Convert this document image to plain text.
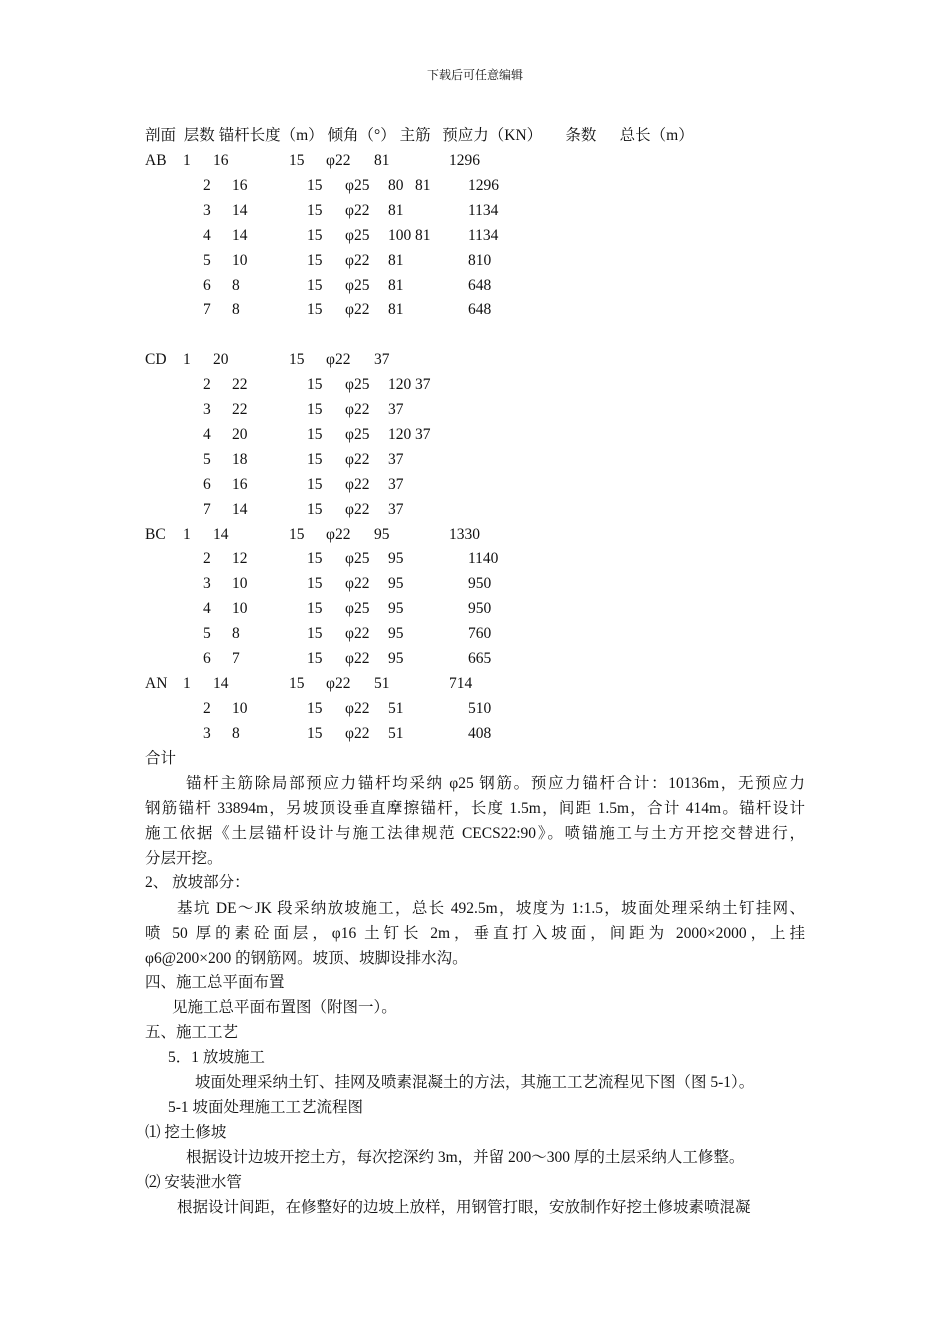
下载后可任意编辑
剖面  层数 锚杆长度（m） 倾角（°） 主筋   预应力（KN）      条数      总长（m）
AB 1 16	15 φ22 81	1296
2 16	15 φ25 80 81 1296
3 14	15 φ22 81	1134
4 14	15 φ25 100 81 1134
5 10	15 φ22 81	810
6 8	15 φ25 81	648
7 8	15 φ22 81	648
CD 1 20	15 φ22 37
2 22	15 φ25 120 37
3 22	15 φ22 37
4 20	15 φ25 120 37
5 18	15 φ22 37
6 16	15 φ22 37
7 14	15 φ22 37
BC 1 14	15 φ22 95	1330
2 12	15 φ25 95	1140
3 10	15 φ22 95	950
4 10	15 φ25 95	950
5 8	15 φ22 95	760
6 7	15 φ22 95	665
AN 1 14	15 φ22 51	714
2 10	15 φ22 51	510
3 8	15 φ22 51	408
合计
锚杆主筋除局部预应力锚杆均采纳 φ25 钢筋。预应力锚杆合计：10136m，无预应力
钢筋锚杆 33894m，另坡顶设垂直摩擦锚杆，长度 1.5m，间距 1.5m，合计 414m。锚杆设计
施工依据《土层锚杆设计与施工法律规范 CECS22:90》。喷锚施工与土方开挖交替进行，
分层开挖。
2、 放坡部分：
基坑 DE～JK 段采纳放坡施工，总长 492.5m，坡度为 1:1.5，坡面处理采纳土钉挂网、
喷 50 厚的素砼面层，φ16 土钉长 2m，垂直打入坡面，间距为 2000×2000，上挂
φ6@200×200 的钢筋网。坡顶、坡脚设排水沟。
四、施工总平面布置
见施工总平面布置图（附图一）。
五、施工工艺
5．1 放坡施工
坡面处理采纳土钉、挂网及喷素混凝土的方法，其施工工艺流程见下图（图 5-1）。
5-1 坡面处理施工工艺流程图
⑴ 挖土修坡
根据设计边坡开挖土方，每次挖深约 3m，并留 200～300 厚的土层采纳人工修整。
⑵ 安装泄水管
根据设计间距，在修整好的边坡上放样，用钢管打眼，安放制作好挖土修坡素喷混凝
